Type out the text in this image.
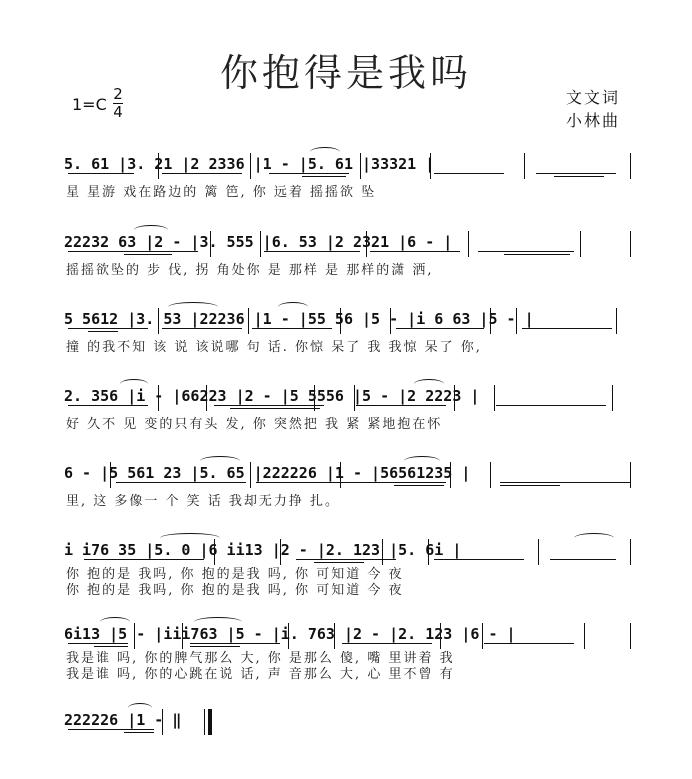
你抱得是我吗
1=C
2
4
文文词
小林曲
5. 61 |3. 21 |2 2336 |1 - |5. 61 |33321 |
星 星游 戏在路边的 篱 笆, 你 远着 摇摇欲 坠
22232 63 |2 - |3. 555 |6. 53 |2 2321 |6 - |
摇摇欲坠的 步 伐, 拐 角处你 是 那样 是 那样的潇 洒,
5 5612 |3. 53 |22236 |1 - |55 56 |5 - |i 6 63 |5 - |
撞 的我不知 该 说 该说哪 句 话. 你惊 呆了 我 我惊 呆了 你,
2. 356 |i - |66223 |2 - |5 5556 |5 - |2 2223 |
好 久不 见 变的只有头 发, 你 突然把 我 紧 紧地抱在怀
6 - |5 561 23 |5. 65 |222226 |1 - |56561235 |
里, 这 多像一 个 笑 话 我却无力挣 扎。
i i76 35 |5. 0 |6 ii13 |2 - |2. 123 |5. 6i |
你 抱的是 我吗, 你 抱的是我 吗, 你 可知道 今 夜
你 抱的是 我吗, 你 抱的是我 吗, 你 可知道 今 夜
6i13 |5 - |iii763 |5 - |i. 763 |2 - |2. 123 |6 - |
我是谁 吗, 你的脾气那么 大, 你 是那么 傻, 嘴 里讲着 我
我是谁 吗, 你的心跳在说 话, 声 音那么 大, 心 里不曾 有
222226 |1 - ‖
